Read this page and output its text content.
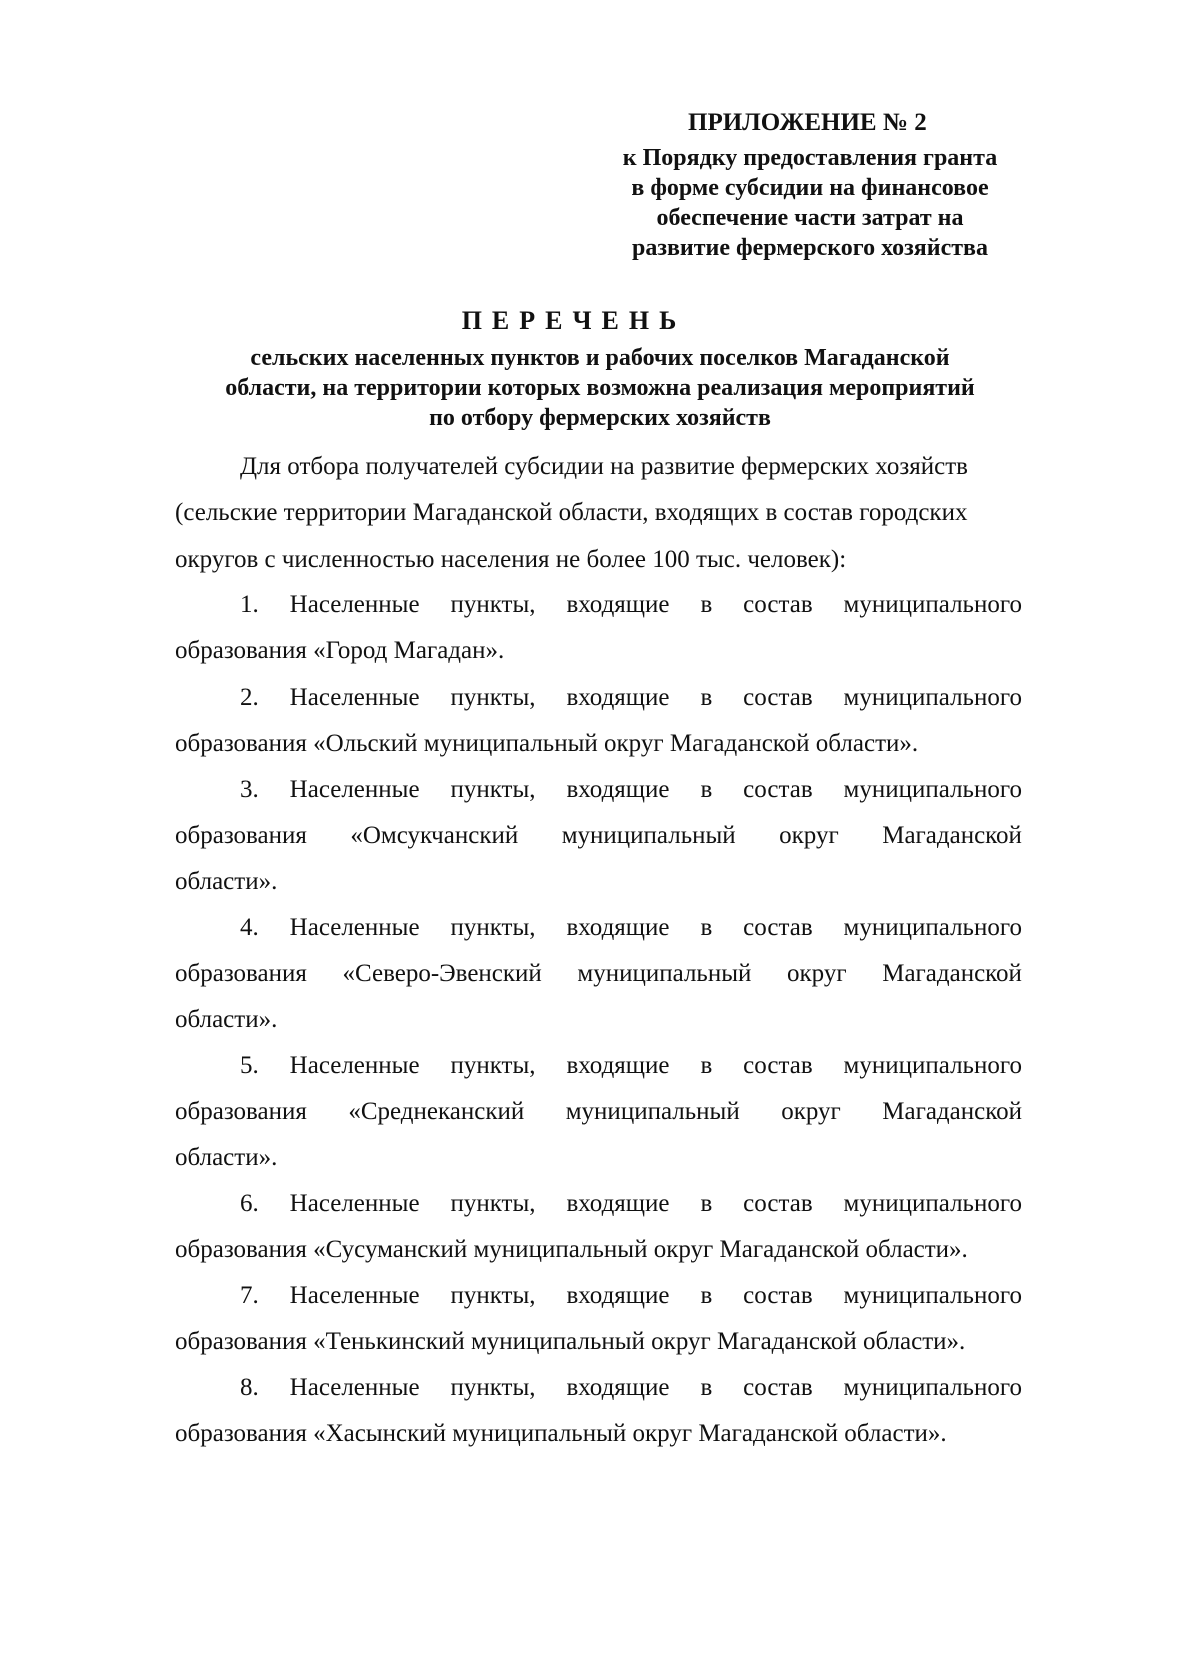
ПРИЛОЖЕНИЕ № 2
к Порядку предоставления гранта
в форме субсидии на финансовое
обеспечение части затрат на
развитие фермерского хозяйства
ПЕРЕЧЕНЬ
сельских населенных пунктов и рабочих поселков Магаданской
области, на территории которых возможна реализация мероприятий
по отбору фермерских хозяйств
Для отбора получателей субсидии на развитие фермерских хозяйств
(сельские территории Магаданской области, входящих в состав городских
округов с численностью населения не более 100 тыс. человек):
1. Населенные пункты, входящие в состав муниципального
образования «Город Магадан».
2. Населенные пункты, входящие в состав муниципального
образования «Ольский муниципальный округ Магаданской области».
3. Населенные пункты, входящие в состав муниципального
образования «Омсукчанский муниципальный округ Магаданской
области».
4. Населенные пункты, входящие в состав муниципального
образования «Северо-Эвенский муниципальный округ Магаданской
области».
5. Населенные пункты, входящие в состав муниципального
образования «Среднеканский муниципальный округ Магаданской
области».
6. Населенные пункты, входящие в состав муниципального
образования «Сусуманский муниципальный округ Магаданской области».
7. Населенные пункты, входящие в состав муниципального
образования «Тенькинский муниципальный округ Магаданской области».
8. Населенные пункты, входящие в состав муниципального
образования «Хасынский муниципальный округ Магаданской области».
